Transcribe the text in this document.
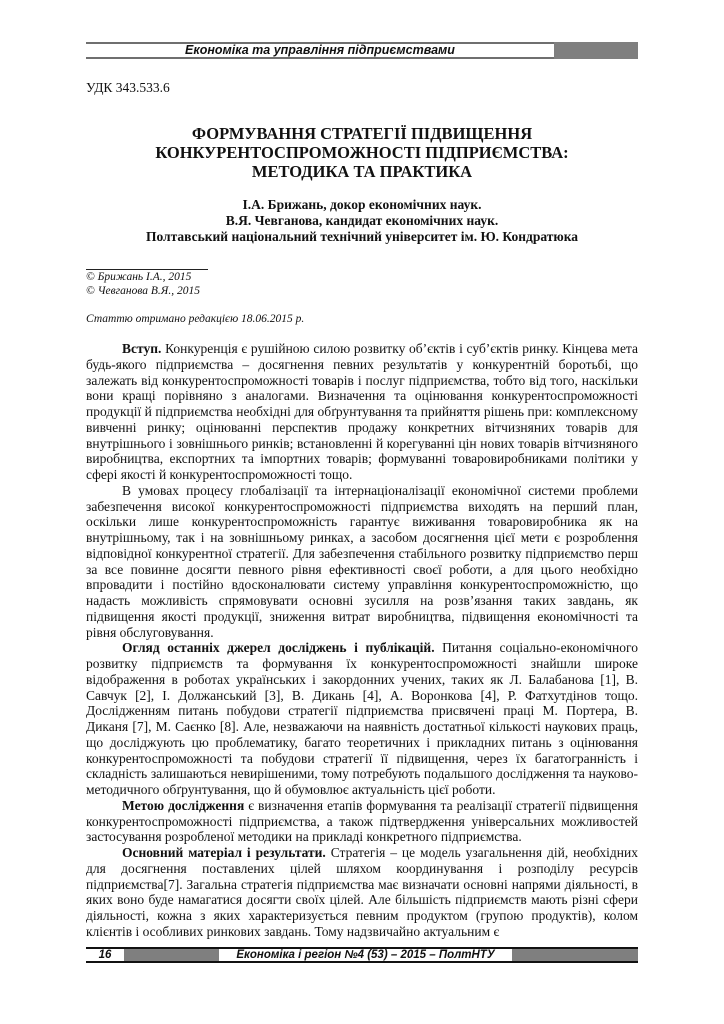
Економіка та управління підприємствами
УДК 343.533.6
ФОРМУВАННЯ СТРАТЕГІЇ ПІДВИЩЕННЯ
КОНКУРЕНТОСПРОМОЖНОСТІ ПІДПРИЄМСТВА:
МЕТОДИКА ТА ПРАКТИКА
І.А. Брижань, докор економічних наук.
В.Я. Чевганова, кандидат економічних наук.
Полтавський національний технічний університет ім. Ю. Кондратюка
© Брижань І.А., 2015
© Чевганова В.Я., 2015
Статтю отримано редакцією 18.06.2015 р.

Вступ. Конкуренція є рушійною силою розвитку об’єктів і суб’єктів ринку. Кінцева мета будь-якого підприємства – досягнення певних результатів у конкурентній боротьбі, що залежать від конкурентоспроможності товарів і послуг підприємства, тобто від того, наскільки вони кращі порівняно з аналогами. Визначення та оцінювання конкурентоспроможності продукції й підприємства необхідні для обґрунтування та прийняття рішень при: комплексному вивченні ринку; оцінюванні перспектив продажу конкретних вітчизняних товарів для внутрішнього і зовнішнього ринків; встановленні й корегуванні цін нових товарів вітчизняного виробництва, експортних та імпортних товарів; формуванні товаровиробниками політики у сфері якості й конкурентоспроможності тощо.

В умовах процесу глобалізації та інтернаціоналізації економічної системи проблеми забезпечення високої конкурентоспроможності підприємства виходять на перший план, оскільки лише конкурентоспроможність гарантує виживання товаровиробника як на внутрішньому, так і на зовнішньому ринках, а засобом досягнення цієї мети є розроблення відповідної конкурентної стратегії. Для забезпечення стабільного розвитку підприємство перш за все повинне досягти певного рівня ефективності своєї роботи, а для цього необхідно впровадити і постійно вдосконалювати систему управління конкурентоспроможністю, що надасть можливість спрямовувати основні зусилля на розв’язання таких завдань, як підвищення якості продукції, зниження витрат виробництва, підвищення економічності та рівня обслуговування.

Огляд останніх джерел досліджень і публікацій. Питання соціально-економічного розвитку підприємств та формування їх конкурентоспроможності знайшли широке відображення в роботах українських і закордонних учених, таких як Л. Балабанова [1], В. Савчук [2], І. Должанський [3], В. Дикань [4], А. Воронкова [4], Р. Фатхутдінов тощо. Дослідженням питань побудови стратегії підприємства присвячені праці М. Портера, В. Диканя [7], М. Саєнко [8]. Але, незважаючи на наявність достатньої кількості наукових праць, що досліджують цю проблематику, багато теоретичних і прикладних питань з оцінювання конкурентоспроможності та побудови стратегії її підвищення, через їх багатогранність і складність залишаються невирішеними, тому потребують подальшого дослідження та науково-методичного обґрунтування, що й обумовлює актуальність цієї роботи.

Метою дослідження є визначення етапів формування та реалізації стратегії підвищення конкурентоспроможності підприємства, а також підтвердження універсальних можливостей застосування розробленої методики на прикладі конкретного підприємства.

Основний матеріал і результати. Стратегія – це модель узагальнення дій, необхідних для досягнення поставлених цілей шляхом координування і розподілу ресурсів підприємства[7]. Загальна стратегія підприємства має визначати основні напрями діяльності, в яких воно буде намагатися досягти своїх цілей. Але більшість підприємств мають різні сфери діяльності, кожна з яких характеризується певним продуктом (групою продуктів), колом клієнтів і особливих ринкових завдань. Тому надзвичайно актуальним є

16	Економіка і регіон №4 (53) – 2015 – ПолтНТУ
